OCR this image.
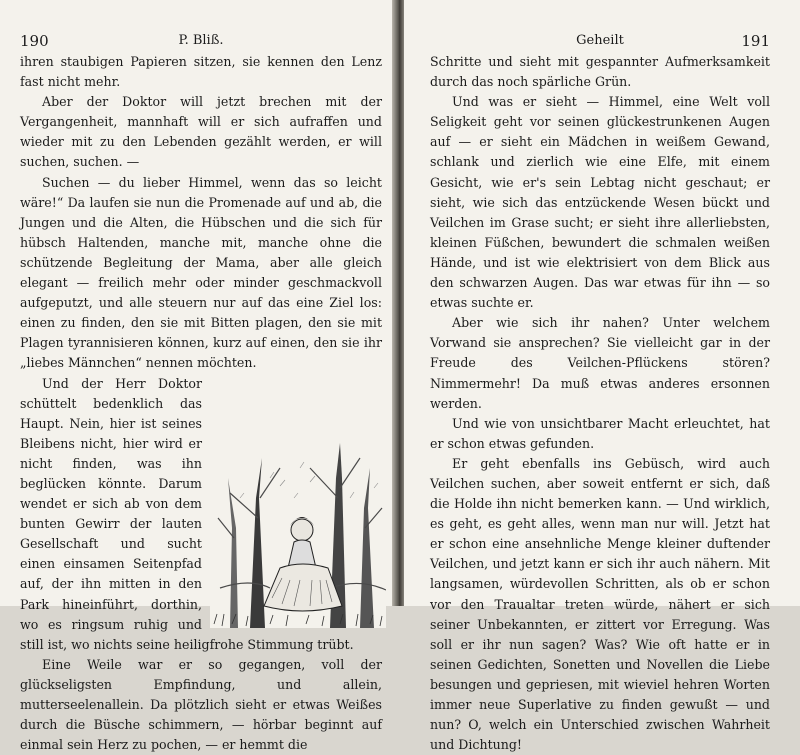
190	P. Bliß.

ihren staubigen Papieren sitzen, sie kennen den Lenz fast nicht mehr.

Aber der Doktor will jetzt brechen mit der Vergangenheit, mannhaft will er sich aufraffen und wieder mit zu den Lebenden gezählt werden, er will suchen, suchen. —

Suchen — du lieber Himmel, wenn das so leicht wäre!“ Da laufen sie nun die Promenade auf und ab, die Jungen und die Alten, die Hübschen und die sich für hübsch Haltenden, manche mit, manche ohne die schützende Begleitung der Mama, aber alle gleich elegant — freilich mehr oder minder geschmackvoll aufgeputzt, und alle steuern nur auf das eine Ziel los: einen zu finden, den sie mit Bitten plagen, den sie mit Plagen tyrannisieren können, kurz auf einen, den sie ihr „liebes Männchen“ nennen möchten.

Und der Herr Doktor schüttelt bedenklich das Haupt. Nein, hier ist seines Bleibens nicht, hier wird er nicht finden, was ihn beglücken könnte. Darum wendet er sich ab von dem bunten Gewirr der lauten Gesellschaft und sucht einen einsamen Seitenpfad auf, der ihn mitten in den Park hineinführt, dorthin, wo es ringsum ruhig und still ist, wo nichts seine heiligfrohe Stimmung trübt.

Eine Weile war er so gegangen, voll der glückseligsten Empfindung, und allein, mutterseelenallein. Da plötzlich sieht er etwas Weißes durch die Büsche schimmern, — hörbar beginnt auf einmal sein Herz zu pochen, — er hemmt die

Geheilt	191

Schritte und sieht mit gespannter Aufmerksamkeit durch das noch spärliche Grün.

Und was er sieht — Himmel, eine Welt voll Seligkeit geht vor seinen glückestrunkenen Augen auf — er sieht ein Mädchen in weißem Gewand, schlank und zierlich wie eine Elfe, mit einem Gesicht, wie er's sein Lebtag nicht geschaut; er sieht, wie sich das entzückende Wesen bückt und Veilchen im Grase sucht; er sieht ihre allerliebsten, kleinen Füßchen, bewundert die schmalen weißen Hände, und ist wie elektrisiert von dem Blick aus den schwarzen Augen. Das war etwas für ihn — so etwas suchte er.

Aber wie sich ihr nahen? Unter welchem Vorwand sie ansprechen? Sie vielleicht gar in der Freude des Veilchen-Pflückens stören? Nimmermehr! Da muß etwas anderes ersonnen werden.

Und wie von unsichtbarer Macht erleuchtet, hat er schon etwas gefunden.

Er geht ebenfalls ins Gebüsch, wird auch Veilchen suchen, aber soweit entfernt er sich, daß die Holde ihn nicht bemerken kann. — Und wirklich, es geht, es geht alles, wenn man nur will. Jetzt hat er schon eine ansehnliche Menge kleiner duftender Veilchen, und jetzt kann er sich ihr auch nähern. Mit langsamen, würdevollen Schritten, als ob er schon vor den Traualtar treten würde, nähert er sich seiner Unbekannten, er zittert vor Erregung. Was soll er ihr nun sagen? Was? Wie oft hatte er in seinen Gedichten, Sonetten und Novellen die Liebe besungen und gepriesen, mit wieviel hehren Worten immer neue Superlative zu finden gewußt — und nun? O, welch ein Unterschied zwischen Wahrheit und Dichtung!
